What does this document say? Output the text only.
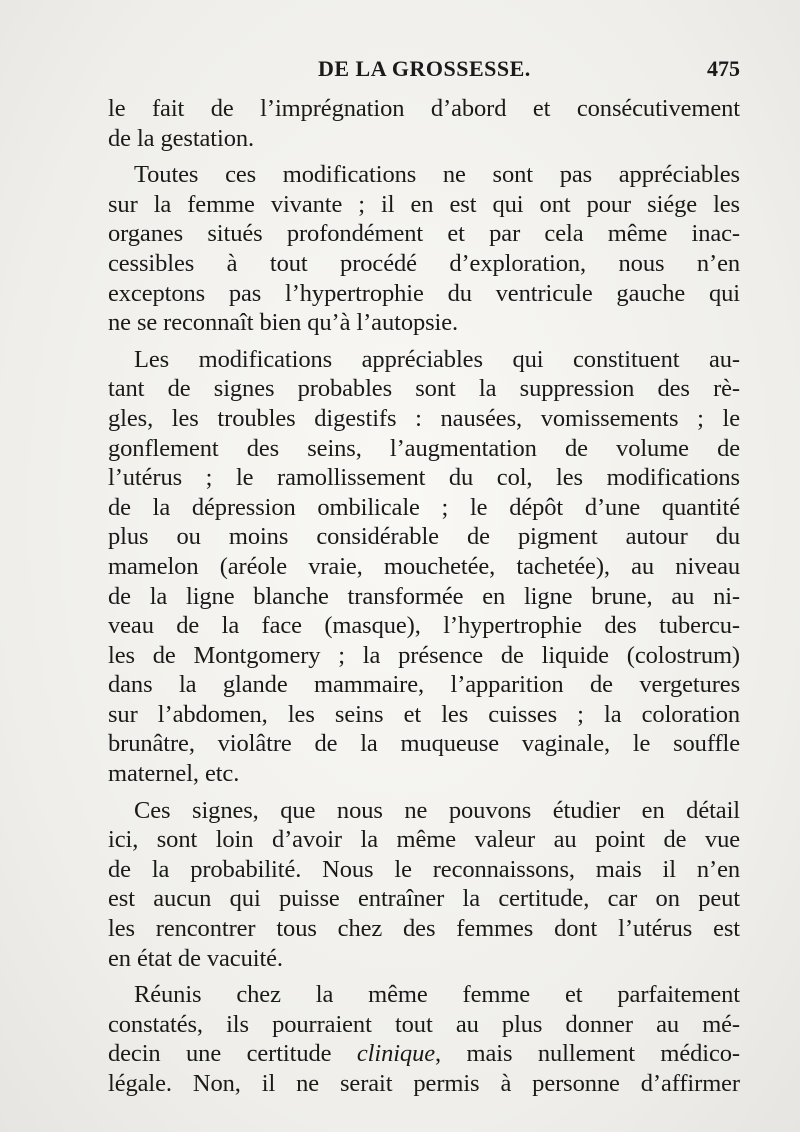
DE LA GROSSESSE.	475
le fait de l’imprégnation d’abord et consécutivement
de la gestation.
Toutes ces modifications ne sont pas appréciables
sur la femme vivante ; il en est qui ont pour siége les
organes situés profondément et par cela même inac-
cessibles à tout procédé d’exploration, nous n’en
exceptons pas l’hypertrophie du ventricule gauche qui
ne se reconnaît bien qu’à l’autopsie.
Les modifications appréciables qui constituent au-
tant de signes probables sont la suppression des rè-
gles, les troubles digestifs : nausées, vomissements ; le
gonflement des seins, l’augmentation de volume de
l’utérus ; le ramollissement du col, les modifications
de la dépression ombilicale ; le dépôt d’une quantité
plus ou moins considérable de pigment autour du
mamelon (aréole vraie, mouchetée, tachetée), au niveau
de la ligne blanche transformée en ligne brune, au ni-
veau de la face (masque), l’hypertrophie des tubercu-
les de Montgomery ; la présence de liquide (colostrum)
dans la glande mammaire, l’apparition de vergetures
sur l’abdomen, les seins et les cuisses ; la coloration
brunâtre, violâtre de la muqueuse vaginale, le souffle
maternel, etc.
Ces signes, que nous ne pouvons étudier en détail
ici, sont loin d’avoir la même valeur au point de vue
de la probabilité. Nous le reconnaissons, mais il n’en
est aucun qui puisse entraîner la certitude, car on peut
les rencontrer tous chez des femmes dont l’utérus est
en état de vacuité.
Réunis chez la même femme et parfaitement
constatés, ils pourraient tout au plus donner au mé-
decin une certitude clinique, mais nullement médico-
légale. Non, il ne serait permis à personne d’affirmer
